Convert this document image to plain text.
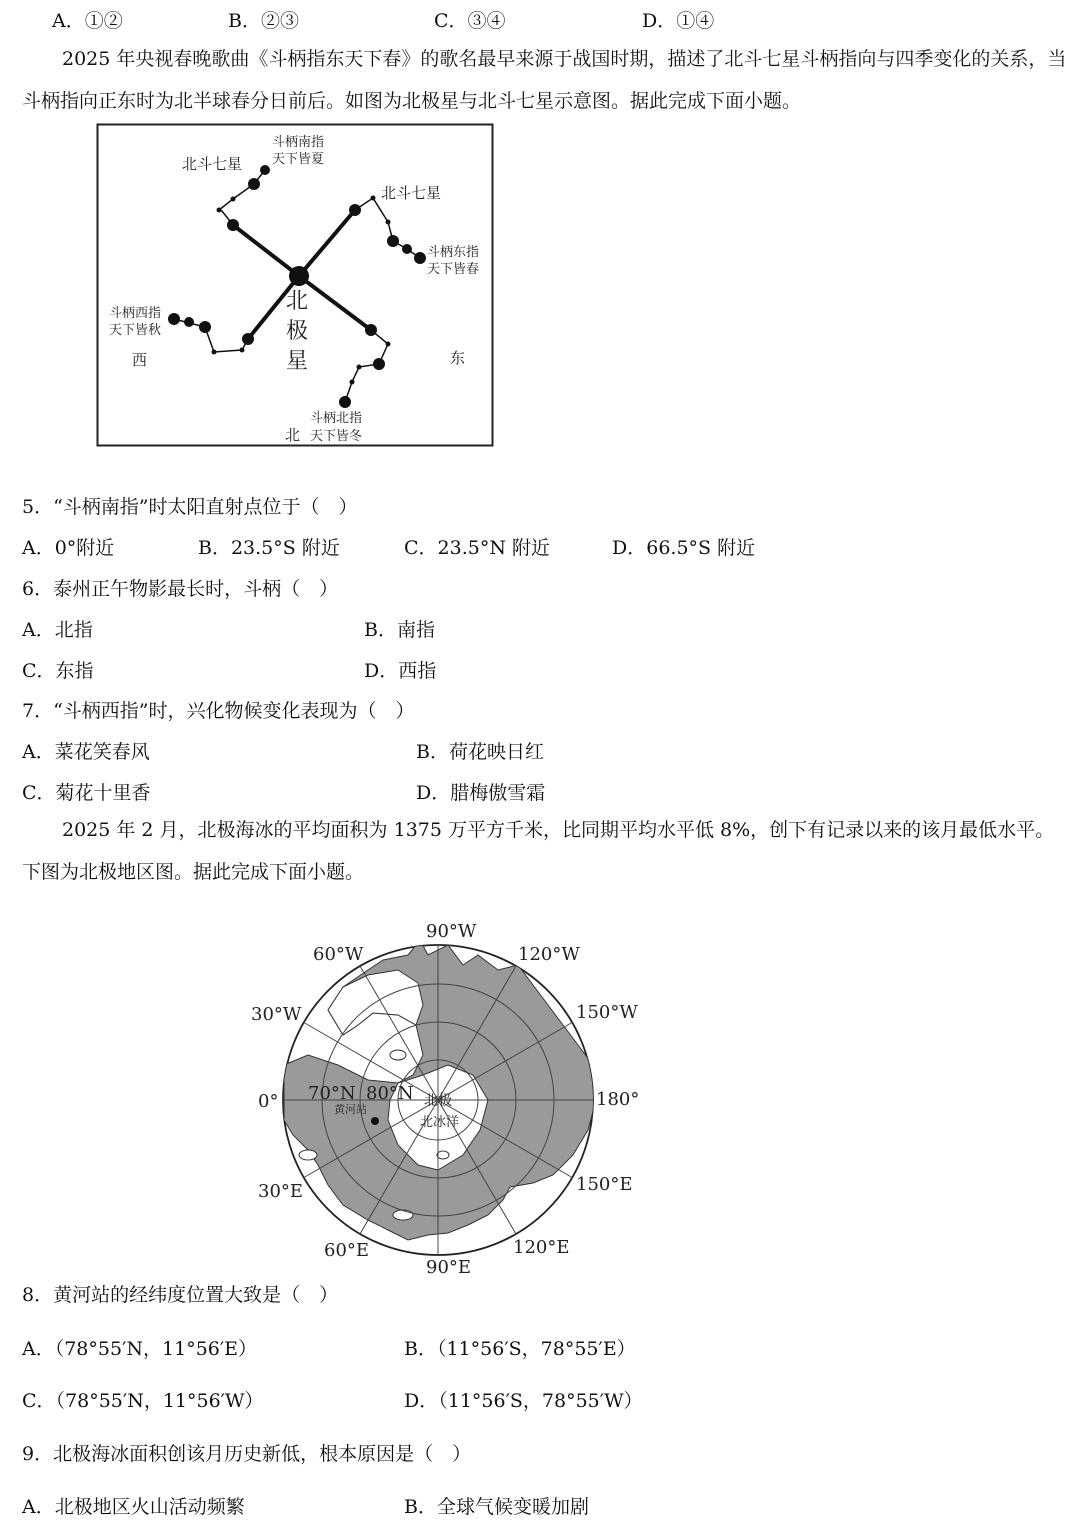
A．①②	B．②③	C．③④	D．①④
2025 年央视春晚歌曲《斗柄指东天下春》的歌名最早来源于战国时期，描述了北斗七星斗柄指向与四季变化的关系，当斗柄指向正东时为北半球春分日前后。如图为北极星与北斗七星示意图。据此完成下面小题。
北斗七星
斗柄南指
天下皆夏
北斗七星
斗柄东指
天下皆春
斗柄西指
天下皆秋
北
极
星
西	东
斗柄北指
北 天下皆冬
5．“斗柄南指”时太阳直射点位于（　）
A．0°附近	B．23.5°S 附近	C．23.5°N 附近	D．66.5°S 附近
6．泰州正午物影最长时，斗柄（　）
A．北指	B．南指
C．东指	D．西指
7．“斗柄西指”时，兴化物候变化表现为（　）
A．菜花笑春风	B．荷花映日红
C．菊花十里香	D．腊梅傲雪霜
2025 年 2 月，北极海冰的平均面积为 1375 万平方千米，比同期平均水平低 8%，创下有记录以来的该月最低水平。下图为北极地区图。据此完成下面小题。
90°W
120°W
60°W
150°W
30°W
0°	180°
30°E	150°E
60°E	120°E
90°E
70°N 80°N 北极
北冰洋
黄河站
8．黄河站的经纬度位置大致是（　）
A．（78°55′N，11°56′E）	B．（11°56′S，78°55′E）
C．（78°55′N，11°56′W）	D．（11°56′S，78°55′W）
9．北极海冰面积创该月历史新低，根本原因是（　）
A．北极地区火山活动频繁	B．全球气候变暖加剧
